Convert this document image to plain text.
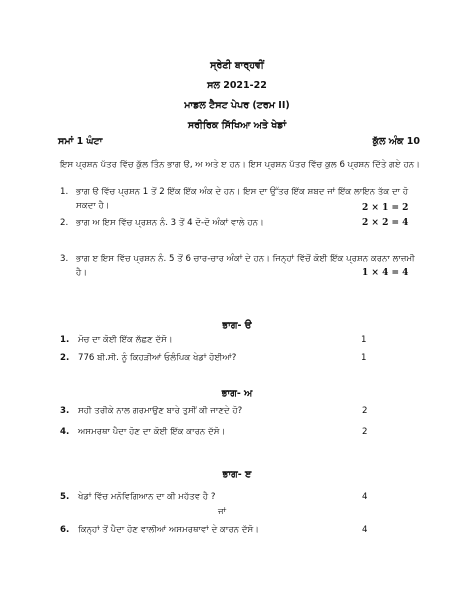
ਸ੍ਰੇਣੀ ਬਾਰ੍ਹਵੀਂ
ਸਲ 2021-22
ਮਾਡਲ ਟੈਸਟ ਪੇਪਰ (ਟਰਮ II)
ਸਰੀਰਿਕ ਸਿੱਖਿਆ ਅਤੇ ਖੇਡਾਂ
ਸਮਾਂ 1 ਘੰਟਾ	ਕੁੱਲ ਅੰਕ 10
ਇਸ ਪ੍ਰਸ਼ਨ ਪੱਤਰ ਵਿੱਚ ਕੁੱਲ ਤਿੰਨ ਭਾਗ ੳ, ਅ ਅਤੇ ੲ ਹਨ। ਇਸ ਪ੍ਰਸ਼ਨ ਪੱਤਰ ਵਿੱਚ ਕੁਲ 6 ਪ੍ਰਸ਼ਨ ਦਿੱਤੇ ਗਏ ਹਨ।
1. ਭਾਗ ੳ ਵਿੱਚ ਪ੍ਰਸ਼ਨ 1 ਤੋਂ 2 ਇੱਕ ਇੱਕ ਅੰਕ ਦੇ ਹਨ। ਇਸ ਦਾ ਉੱਤਰ ਇੱਕ ਸ਼ਬਦ ਜਾਂ ਇੱਕ ਲਾਇਨ ਤੱਕ ਦਾ ਹੋ ਸਕਦਾ ਹੈ।	2 × 1 = 2
2. ਭਾਗ ਅ ਇਸ ਵਿੱਚ ਪ੍ਰਸ਼ਨ ਨੰ. 3 ਤੋਂ 4 ਦੋ-ਦੋ ਅੰਕਾਂ ਵਾਲੇ ਹਨ।	2 × 2 = 4
3. ਭਾਗ ੲ ਇਸ ਵਿੱਚ ਪ੍ਰਸ਼ਨ ਨੰ. 5 ਤੋਂ 6 ਚਾਰ-ਚਾਰ ਅੰਕਾਂ ਦੇ ਹਨ। ਜਿਨ੍ਹਾਂ ਵਿੱਚੋਂ ਕੋਈ ਇੱਕ ਪ੍ਰਸ਼ਨ ਕਰਨਾ ਲਾਜ਼ਮੀ ਹੈ।	1 × 4 = 4
ਭਾਗ- ੳ
1. ਮੋਚ ਦਾ ਕੋਈ ਇੱਕ ਲੱਛਣ ਦੱਸੋ।	1
2. 776 ਬੀ.ਸੀ. ਨੂੰ ਕਿਹੜੀਆਂ ਓਲੰਪਿਕ ਖੇਡਾਂ ਹੋਈਆਂ?	1
ਭਾਗ- ਅ
3. ਸਹੀ ਤਰੀਕੇ ਨਾਲ ਗਰਮਾਉਣ ਬਾਰੇ ਤੁਸੀਂ ਕੀ ਜਾਣਦੇ ਹੋ?	2
4. ਅਸਮਰਥਾ ਪੈਦਾ ਹੋਣ ਦਾ ਕੋਈ ਇੱਕ ਕਾਰਨ ਦੱਸੋ।	2
ਭਾਗ- ੲ
5. ਖੇਡਾਂ ਵਿੱਚ ਮਨੋਵਿਗਿਆਨ ਦਾ ਕੀ ਮਹੱਤਵ ਹੈ ?	4
ਜਾਂ
6. ਕਿਨ੍ਹਾਂ ਤੋਂ ਪੈਦਾ ਹੋਣ ਵਾਲੀਆਂ ਅਸਮਰਥਾਵਾਂ ਦੇ ਕਾਰਨ ਦੱਸੋ।	4
